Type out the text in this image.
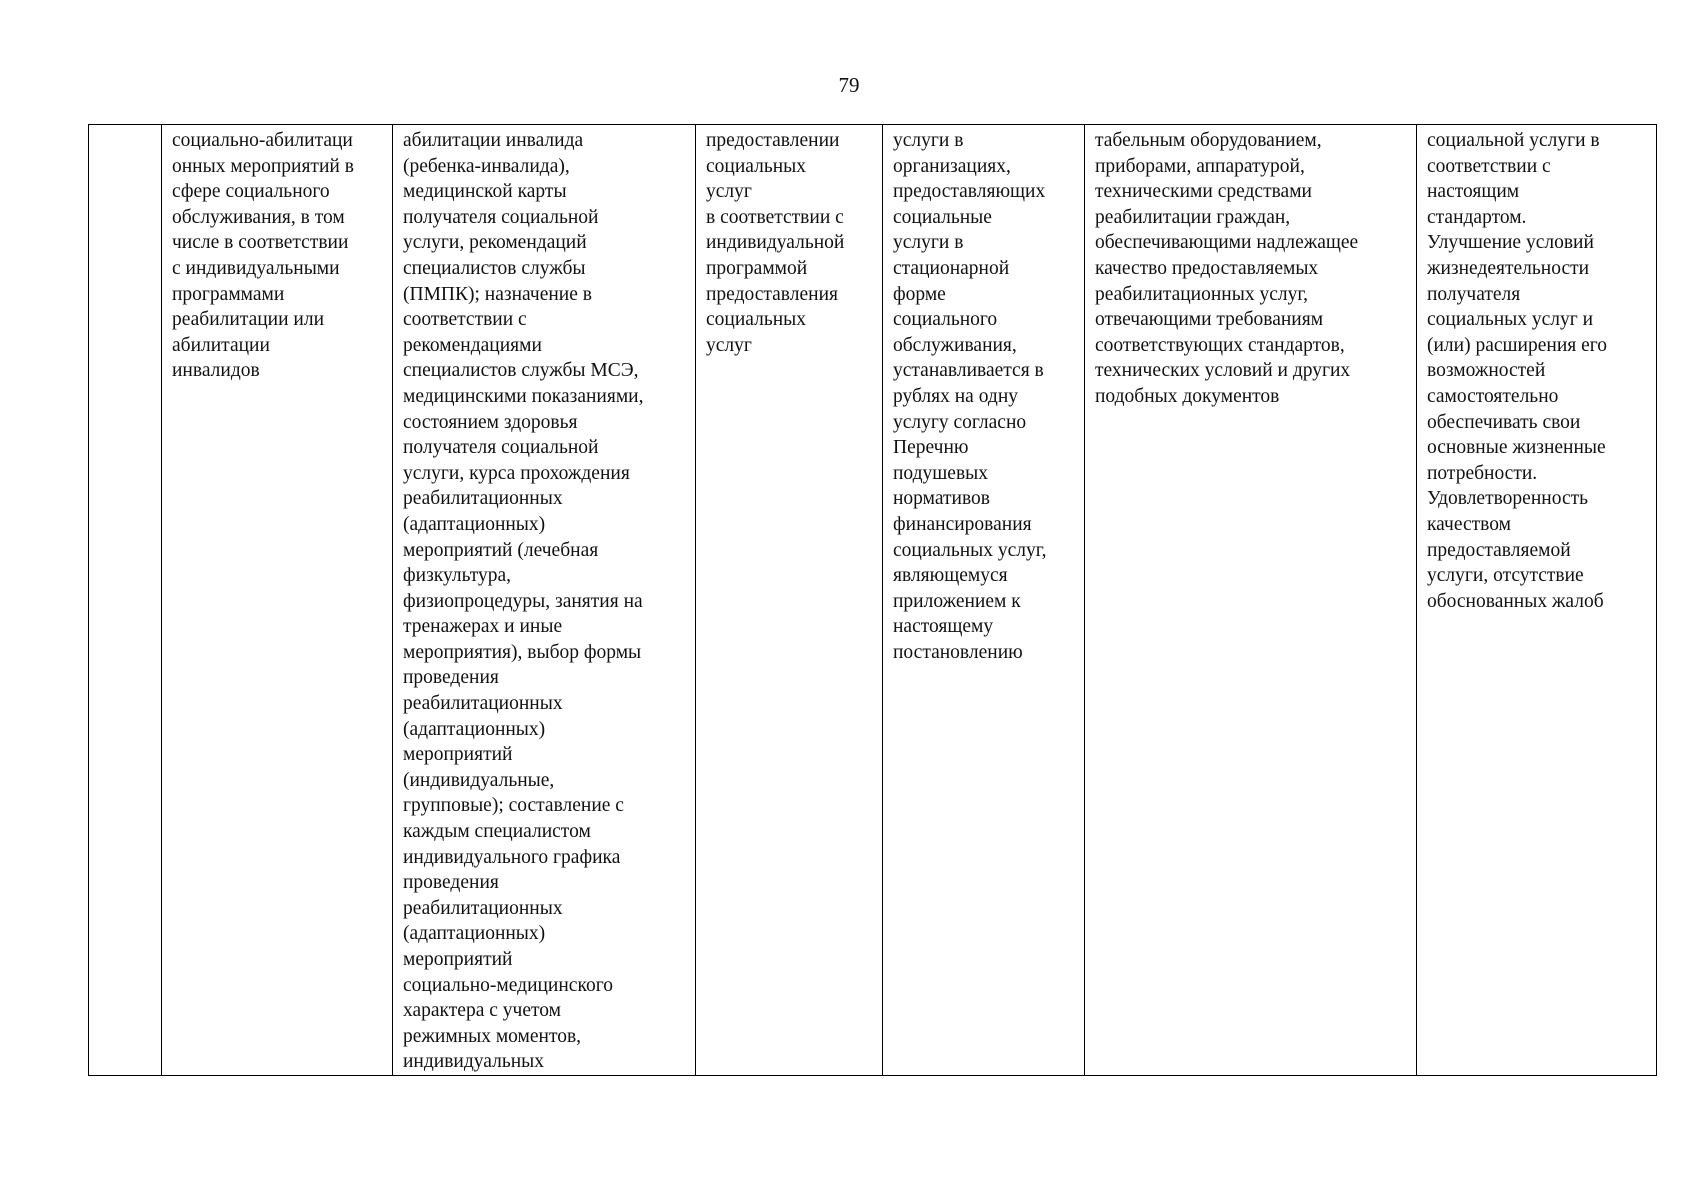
79
	социально-абилитаци
онных мероприятий в
сфере социального
обслуживания, в том
числе в соответствии
с индивидуальными
программами
реабилитации или
абилитации
инвалидов	абилитации инвалида
(ребенка-инвалида),
медицинской карты
получателя социальной
услуги, рекомендаций
специалистов службы
(ПМПК); назначение в
соответствии с
рекомендациями
специалистов службы МСЭ,
медицинскими показаниями,
состоянием здоровья
получателя социальной
услуги, курса прохождения
реабилитационных
(адаптационных)
мероприятий (лечебная
физкультура,
физиопроцедуры, занятия на
тренажерах и иные
мероприятия), выбор формы
проведения
реабилитационных
(адаптационных)
мероприятий
(индивидуальные,
групповые); составление с
каждым специалистом
индивидуального графика
проведения
реабилитационных
(адаптационных)
мероприятий
социально-медицинского
характера с учетом
режимных моментов,
индивидуальных	предоставлении
социальных
услуг
в соответствии с
индивидуальной
программой
предоставления
социальных
услуг	услуги в
организациях,
предоставляющих
социальные
услуги в
стационарной
форме
социального
обслуживания,
устанавливается в
рублях на одну
услугу согласно
Перечню
подушевых
нормативов
финансирования
социальных услуг,
являющемуся
приложением к
настоящему
постановлению	табельным оборудованием,
приборами, аппаратурой,
техническими средствами
реабилитации граждан,
обеспечивающими надлежащее
качество предоставляемых
реабилитационных услуг,
отвечающими требованиям
соответствующих стандартов,
технических условий и других
подобных документов	социальной услуги в
соответствии с
настоящим
стандартом.
Улучшение условий
жизнедеятельности
получателя
социальных услуг и
(или) расширения его
возможностей
самостоятельно
обеспечивать свои
основные жизненные
потребности.
Удовлетворенность
качеством
предоставляемой
услуги, отсутствие
обоснованных жалоб
